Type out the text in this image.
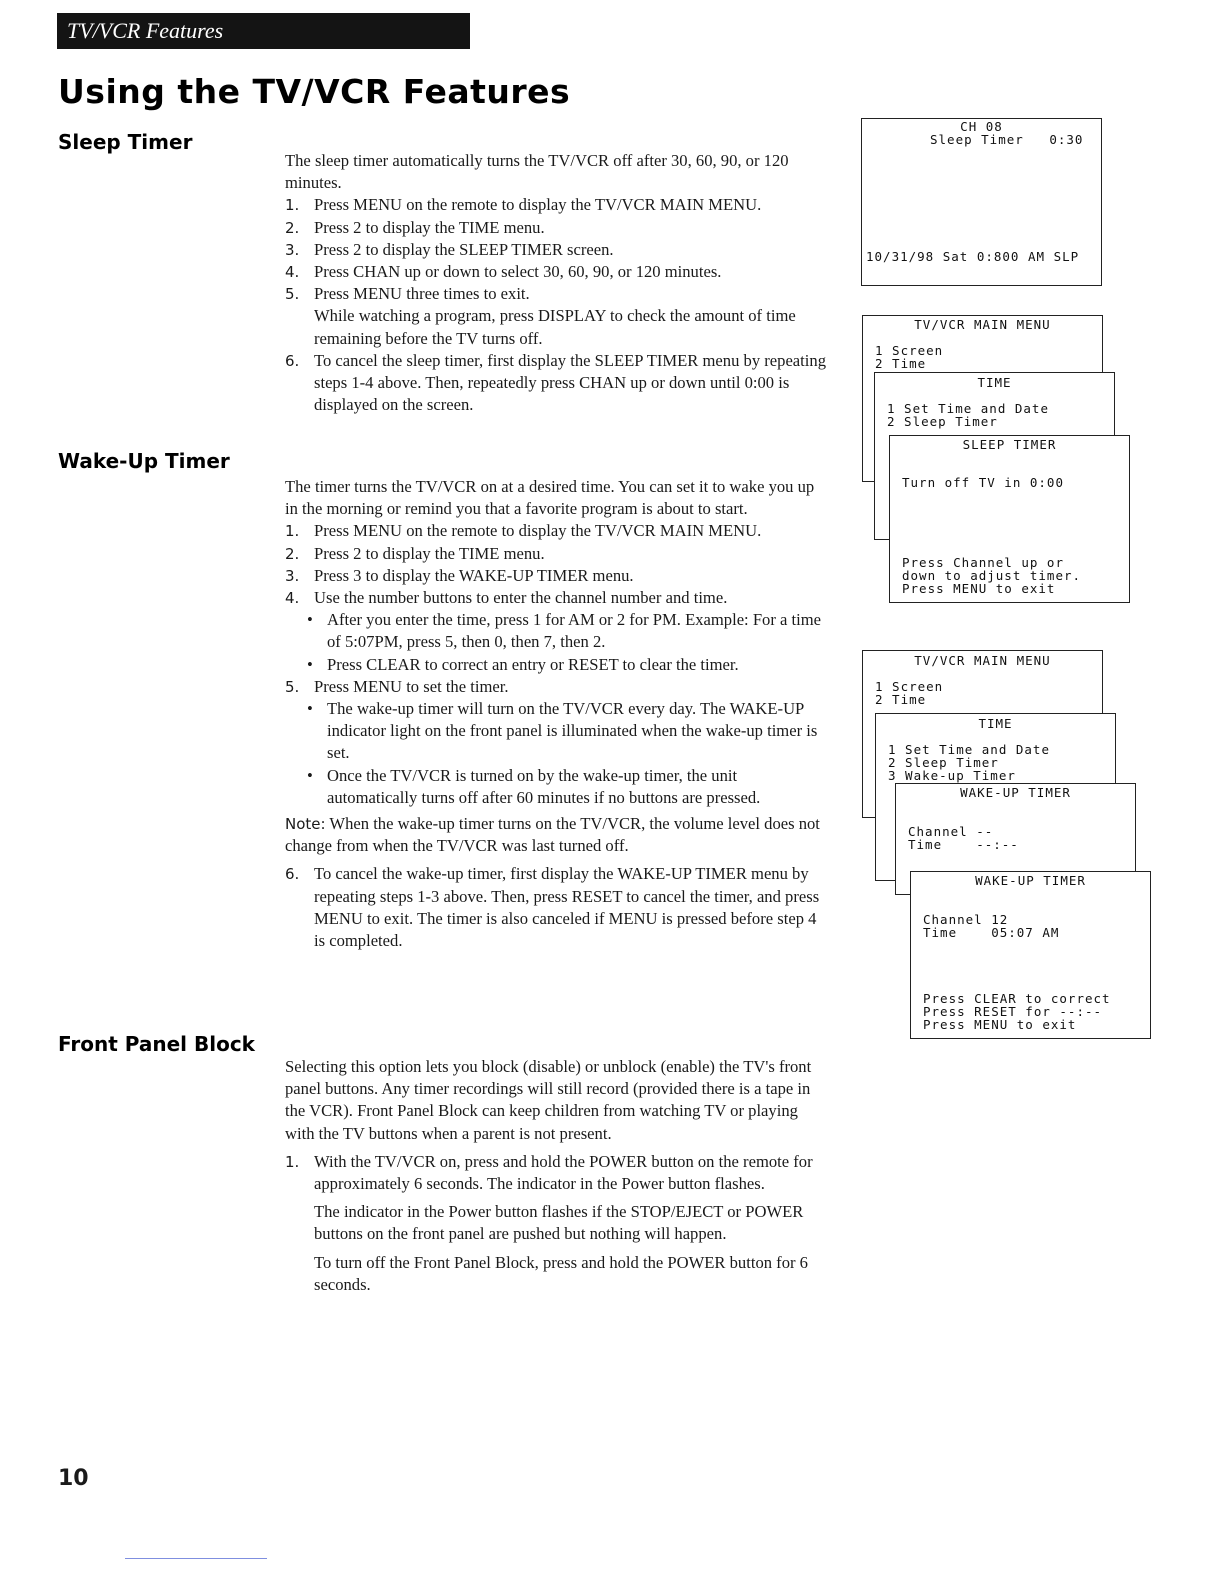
TV/VCR Features
Using the TV/VCR Features
Sleep Timer

The sleep timer automatically turns the TV/VCR off after 30, 60, 90, or 120 minutes.

1. Press MENU on the remote to display the TV/VCR MAIN MENU.
2. Press 2 to display the TIME menu.
3. Press 2 to display the SLEEP TIMER screen.
4. Press CHAN up or down to select 30, 60, 90, or 120 minutes.
5. Press MENU three times to exit.
While watching a program, press DISPLAY to check the amount of time remaining before the TV turns off.
6. To cancel the sleep timer, first display the SLEEP TIMER menu by repeating steps 1-4 above. Then, repeatedly press CHAN up or down until 0:00 is displayed on the screen.
Wake-Up Timer

The timer turns the TV/VCR on at a desired time. You can set it to wake you up in the morning or remind you that a favorite program is about to start.

1. Press MENU on the remote to display the TV/VCR MAIN MENU.
2. Press 2 to display the TIME menu.
3. Press 3 to display the WAKE-UP TIMER menu.
4. Use the number buttons to enter the channel number and time.
• After you enter the time, press 1 for AM or 2 for PM. Example: For a time of 5:07PM, press 5, then 0, then 7, then 2.
• Press CLEAR to correct an entry or RESET to clear the timer.
5. Press MENU to set the timer.
• The wake-up timer will turn on the TV/VCR every day. The WAKE-UP indicator light on the front panel is illuminated when the wake-up timer is set.
• Once the TV/VCR is turned on by the wake-up timer, the unit automatically turns off after 60 minutes if no buttons are pressed.

Note: When the wake-up timer turns on the TV/VCR, the volume level does not change from when the TV/VCR was last turned off.

6. To cancel the wake-up timer, first display the WAKE-UP TIMER menu by repeating steps 1-3 above. Then, press RESET to cancel the timer, and press MENU to exit. The timer is also canceled if MENU is pressed before step 4 is completed.
Front Panel Block

Selecting this option lets you block (disable) or unblock (enable) the TV's front panel buttons. Any timer recordings will still record (provided there is a tape in the VCR). Front Panel Block can keep children from watching TV or playing with the TV buttons when a parent is not present.

1. With the TV/VCR on, press and hold the POWER button on the remote for approximately 6 seconds. The indicator in the Power button flashes.

The indicator in the Power button flashes if the STOP/EJECT or POWER buttons on the front panel are pushed but nothing will happen.

To turn off the Front Panel Block, press and hold the POWER button for 6 seconds.

CH 08

Sleep Timer   0:30

10/31/98 Sat 0:800 AM SLP

TV/VCR MAIN MENU

1 Screen

2 Time

TIME

1 Set Time and Date

2 Sleep Timer

SLEEP TIMER

Turn off TV in 0:00

Press Channel up or

down to adjust timer.

Press MENU to exit

TV/VCR MAIN MENU

1 Screen

2 Time

TIME

1 Set Time and Date

2 Sleep Timer

3 Wake-up Timer

WAKE-UP TIMER

Channel --

Time    --:--

WAKE-UP TIMER

Channel 12

Time    05:07 AM

Press CLEAR to correct

Press RESET for --:--

Press MENU to exit

10
